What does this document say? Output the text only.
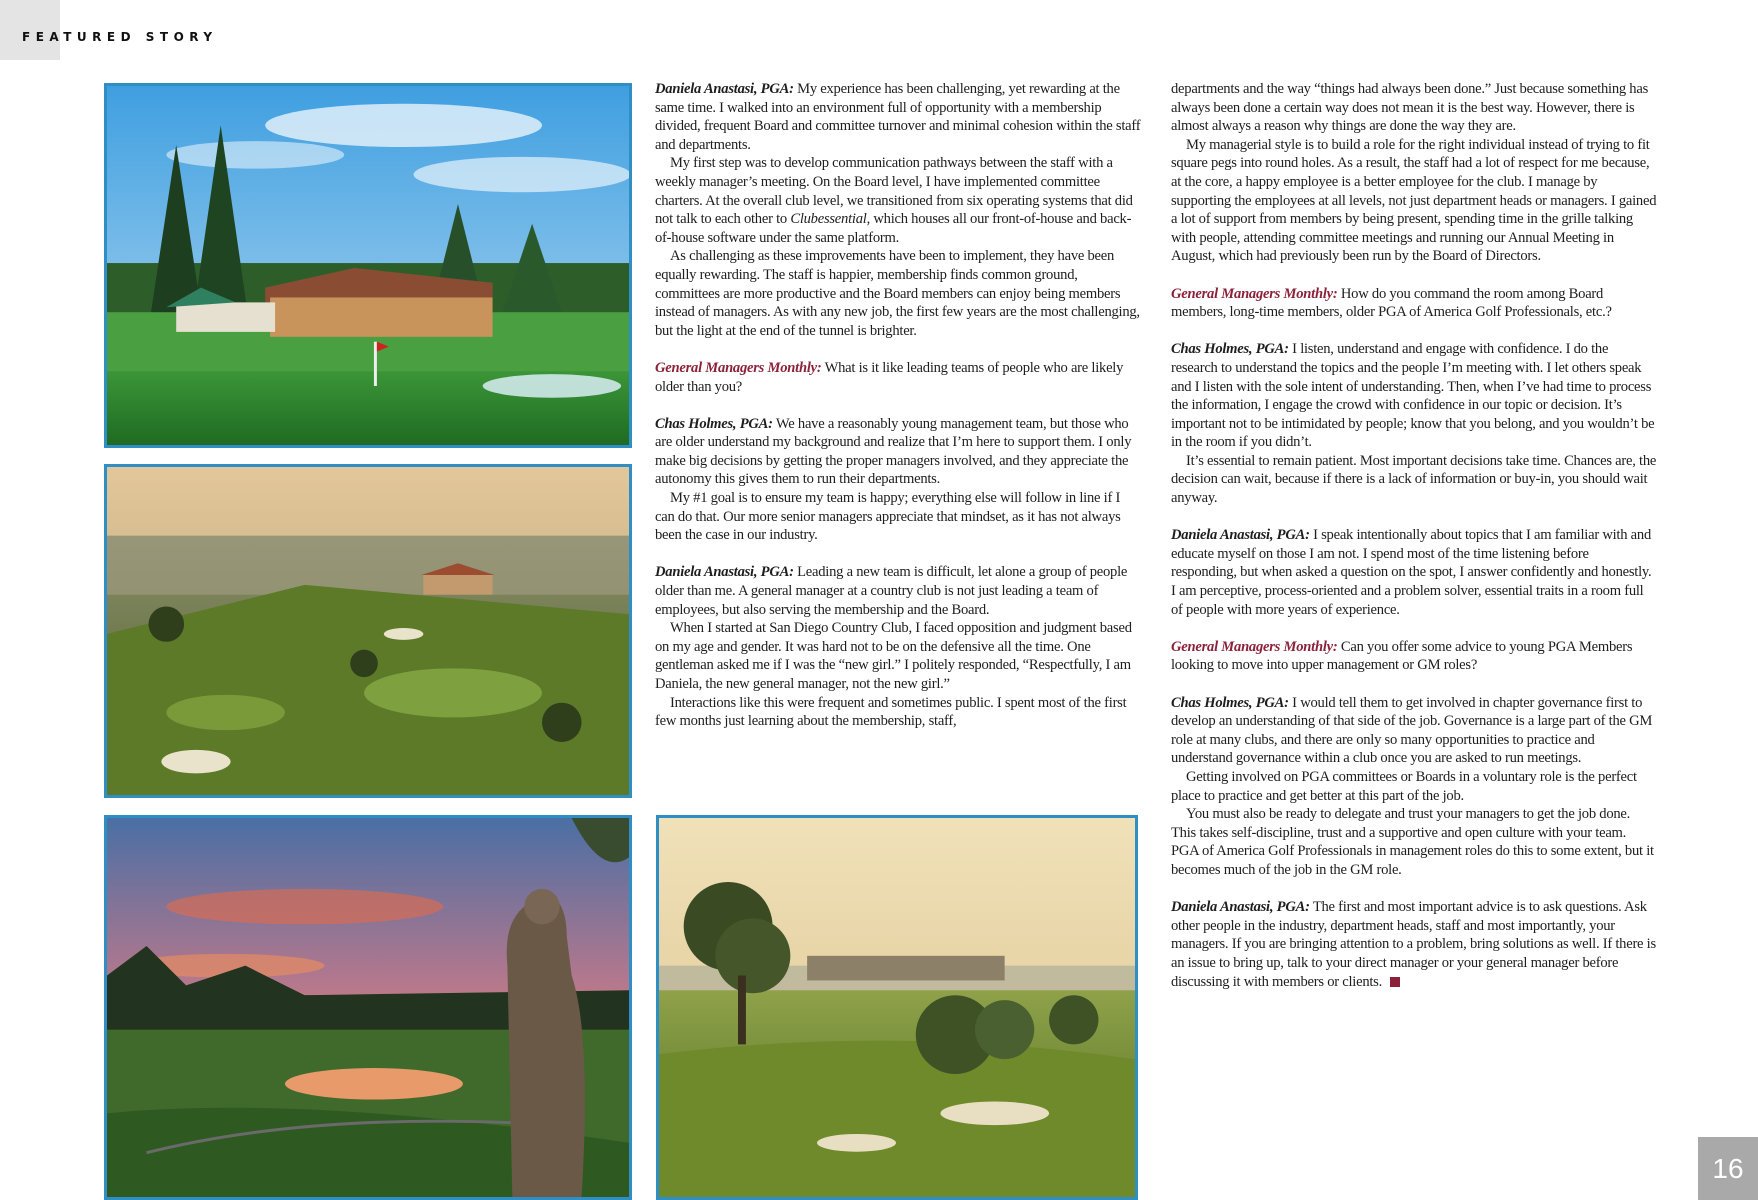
FEATURED STORY

Daniela Anastasi, PGA: My experience has been challenging, yet rewarding at the same time. I walked into an environment full of opportunity with a membership divided, frequent Board and committee turnover and minimal cohesion within the staff and departments.

My first step was to develop communication pathways between the staff with a weekly manager’s meeting. On the Board level, I have implemented committee charters. At the overall club level, we transitioned from six operating systems that did not talk to each other to Clubessential, which houses all our front-of-house and back-of-house software under the same platform.

As challenging as these improvements have been to implement, they have been equally rewarding. The staff is happier, membership finds common ground, committees are more productive and the Board members can enjoy being members instead of managers. As with any new job, the first few years are the most challenging, but the light at the end of the tunnel is brighter.

General Managers Monthly: What is it like leading teams of people who are likely older than you?

Chas Holmes, PGA: We have a reasonably young management team, but those who are older understand my background and realize that I’m here to support them. I only make big decisions by getting the proper managers involved, and they appreciate the autonomy this gives them to run their departments.

My #1 goal is to ensure my team is happy; everything else will follow in line if I can do that. Our more senior managers appreciate that mindset, as it has not always been the case in our industry.

Daniela Anastasi, PGA: Leading a new team is difficult, let alone a group of people older than me. A general manager at a country club is not just leading a team of employees, but also serving the membership and the Board.

When I started at San Diego Country Club, I faced opposition and judgment based on my age and gender. It was hard not to be on the defensive all the time. One gentleman asked me if I was the “new girl.” I politely responded, “Respectfully, I am Daniela, the new general manager, not the new girl.”

Interactions like this were frequent and sometimes public. I spent most of the first few months just learning about the membership, staff,

departments and the way “things had always been done.” Just because something has always been done a certain way does not mean it is the best way. However, there is almost always a reason why things are done the way they are.

My managerial style is to build a role for the right individual instead of trying to fit square pegs into round holes. As a result, the staff had a lot of respect for me because, at the core, a happy employee is a better employee for the club. I manage by supporting the employees at all levels, not just department heads or managers. I gained a lot of support from members by being present, spending time in the grille talking with people, attending committee meetings and running our Annual Meeting in August, which had previously been run by the Board of Directors.

General Managers Monthly: How do you command the room among Board members, long-time members, older PGA of America Golf Professionals, etc.?

Chas Holmes, PGA: I listen, understand and engage with confidence. I do the research to understand the topics and the people I’m meeting with. I let others speak and I listen with the sole intent of understanding. Then, when I’ve had time to process the information, I engage the crowd with confidence in our topic or decision. It’s important not to be intimidated by people; know that you belong, and you wouldn’t be in the room if you didn’t.

It’s essential to remain patient. Most important decisions take time. Chances are, the decision can wait, because if there is a lack of information or buy-in, you should wait anyway.

Daniela Anastasi, PGA: I speak intentionally about topics that I am familiar with and educate myself on those I am not. I spend most of the time listening before responding, but when asked a question on the spot, I answer confidently and honestly. I am perceptive, process-oriented and a problem solver, essential traits in a room full of people with more years of experience.

General Managers Monthly: Can you offer some advice to young PGA Members looking to move into upper management or GM roles?

Chas Holmes, PGA: I would tell them to get involved in chapter governance first to develop an understanding of that side of the job. Governance is a large part of the GM role at many clubs, and there are only so many opportunities to practice and understand governance within a club once you are asked to run meetings.

Getting involved on PGA committees or Boards in a voluntary role is the perfect place to practice and get better at this part of the job.

You must also be ready to delegate and trust your managers to get the job done. This takes self-discipline, trust and a supportive and open culture with your team. PGA of America Golf Professionals in management roles do this to some extent, but it becomes much of the job in the GM role.

Daniela Anastasi, PGA: The first and most important advice is to ask questions. Ask other people in the industry, department heads, staff and most importantly, your managers. If you are bringing attention to a problem, bring solutions as well. If there is an issue to bring up, talk to your direct manager or your general manager before discussing it with members or clients.

16
